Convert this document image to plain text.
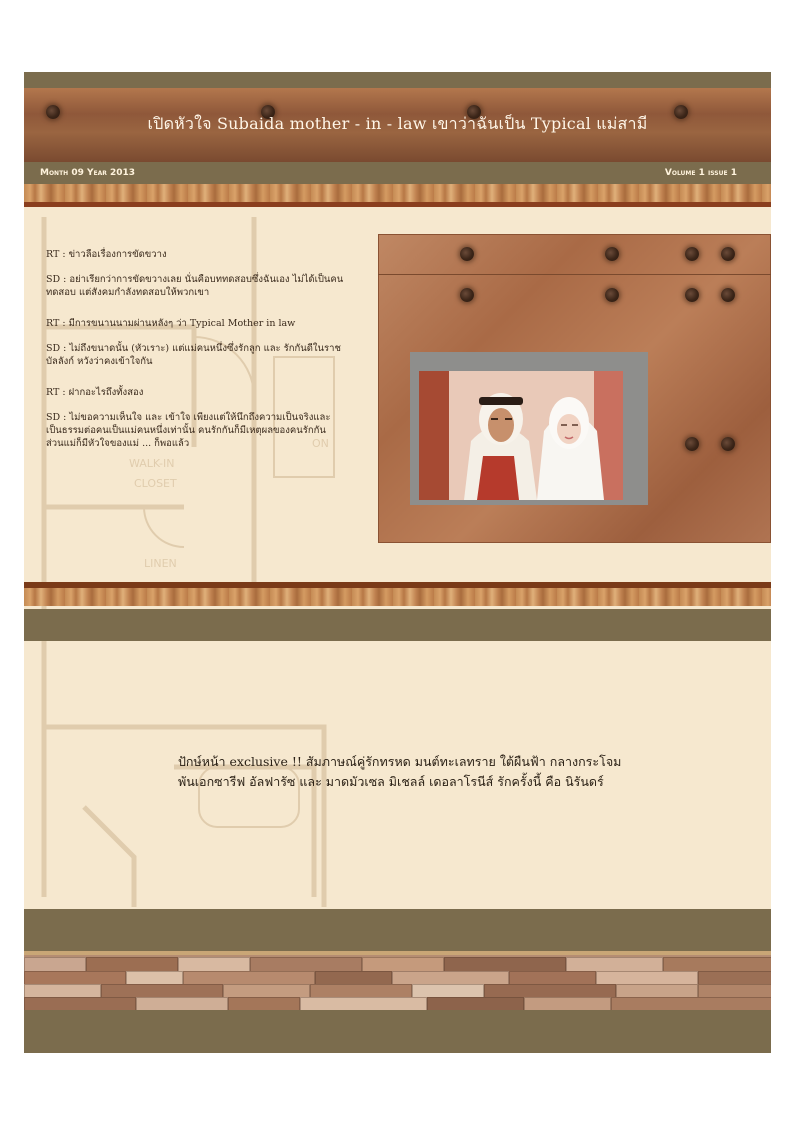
เปิดหัวใจ Subaida mother - in - law เขาว่าฉันเป็น Typical แม่สามี
Month 09 Year 2013	Volume 1 issue 1
WALK-IN
CLOSET
LINEN
ON

RT : ข่าวลือเรื่องการขัดขวาง

SD : อย่าเรียกว่าการขัดขวางเลย นั่นคือบททดสอบซึ่งฉันเอง ไม่ได้เป็นคนทดสอบ แต่สังคมกำลังทดสอบให้พวกเขา

RT : มีการขนานนามผ่านหลังๆ ว่า Typical Mother in law

SD : ไม่ถึงขนาดนั้น (หัวเราะ) แต่แม่คนหนึ่งซึ่งรักลูก และ รักกันดีในราชบัลลังก์ หวังว่าคงเข้าใจกัน

RT : ฝากอะไรถึงทั้งสอง

SD : ไม่ขอความเห็นใจ และ เข้าใจ เพียงแต่ให้นึกถึงความเป็นจริงและเป็นธรรมต่อคนเป็นแม่คนหนึ่งเท่านั้น คนรักกันก็มีเหตุผลของคนรักกัน ส่วนแม่ก็มีหัวใจของแม่ ... ก็พอแล้ว

ปักษ์หน้า exclusive !! สัมภาษณ์คู่รักทรหด มนต์ทะเลทราย ใต้ผืนฟ้า กลางกระโจม
พันเอกซารีฟ อัลฟารัซ และ มาดมัวเซล มิเชลล์ เดอลาโรนีส์ รักครั้งนี้ คือ นิรันดร์
